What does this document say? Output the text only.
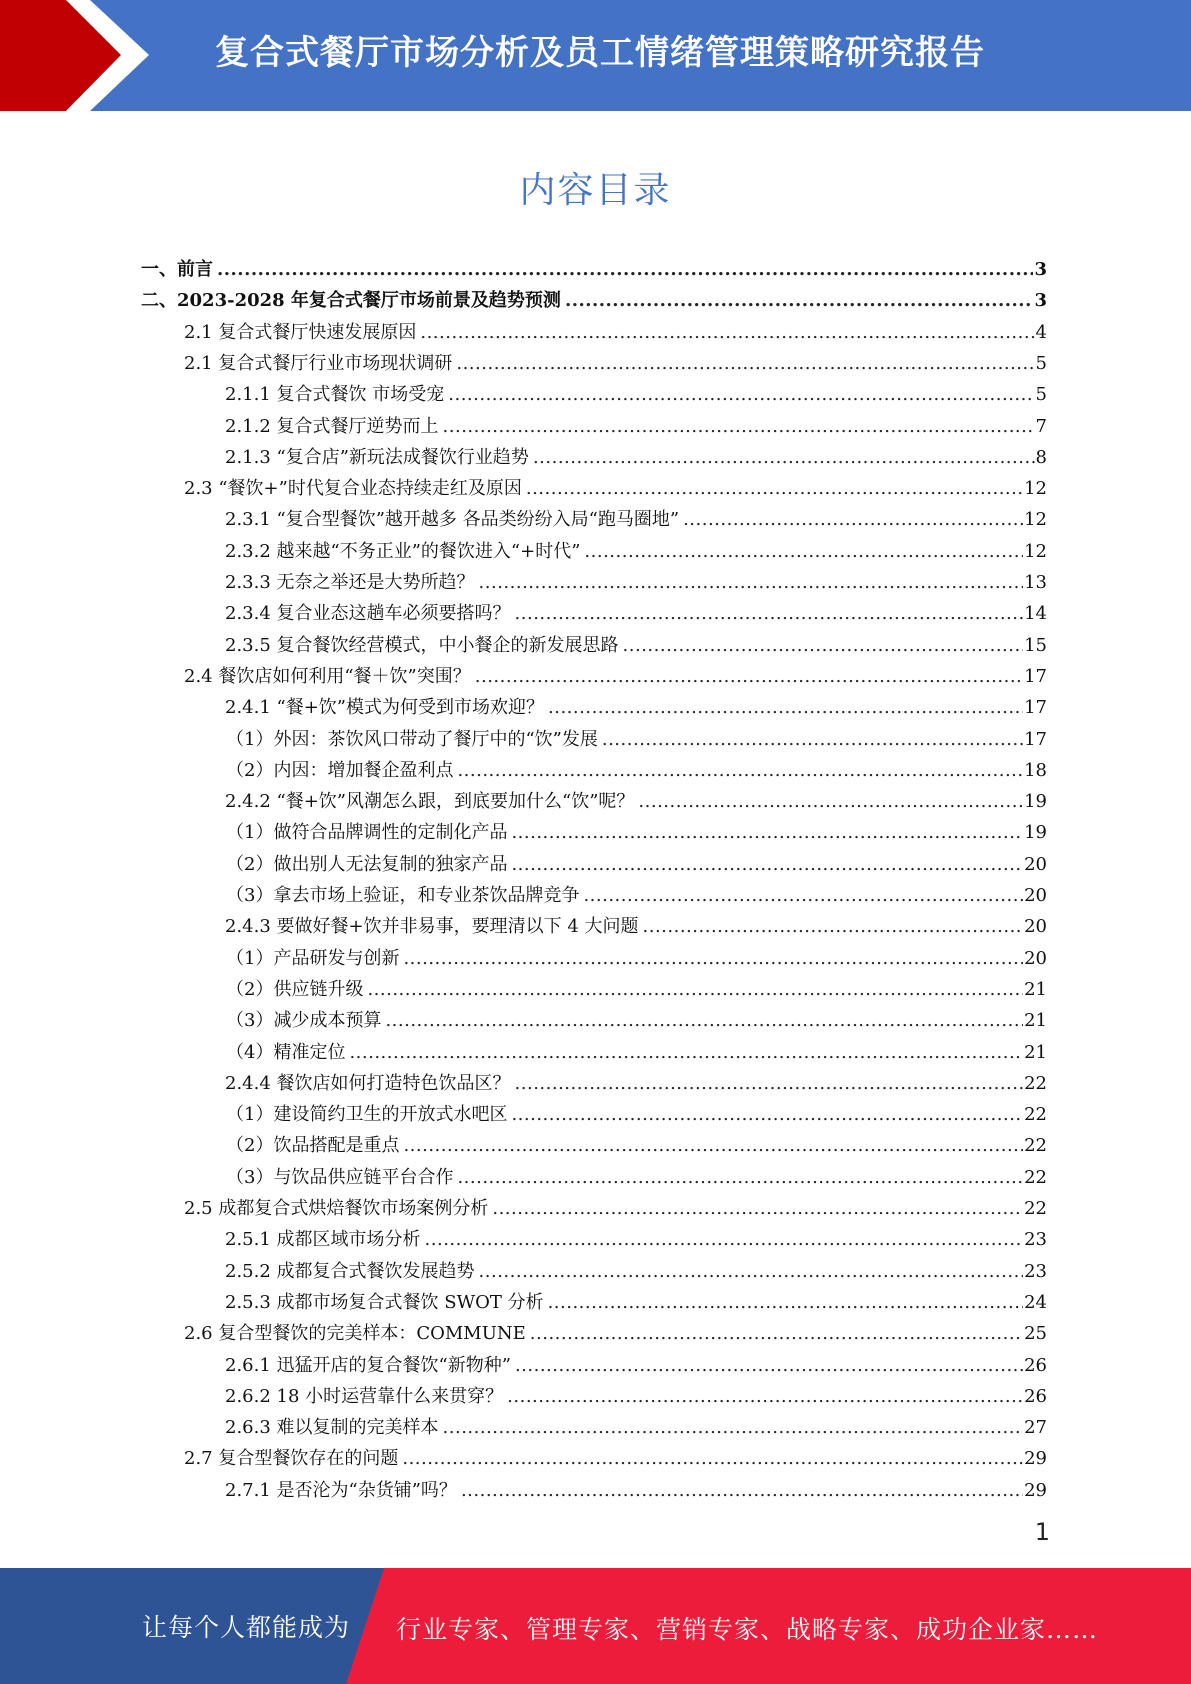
复合式餐厅市场分析及员工情绪管理策略研究报告
内容目录
一、前言 .....	3
二、2023-2028 年复合式餐厅市场前景及趋势预测 .....	3
2.1 复合式餐厅快速发展原因 .....	4
2.1 复合式餐厅行业市场现状调研 .....	5
2.1.1 复合式餐饮 市场受宠 .....	5
2.1.2 复合式餐厅逆势而上 .....	7
2.1.3 “复合店”新玩法成餐饮行业趋势 .....	8
2.3 “餐饮+”时代复合业态持续走红及原因 .....	12
2.3.1 “复合型餐饮”越开越多 各品类纷纷入局“跑马圈地” .....	12
2.3.2 越来越“不务正业”的餐饮进入“+时代” .....	12
2.3.3 无奈之举还是大势所趋？ .....	13
2.3.4 复合业态这趟车必须要搭吗？ .....	14
2.3.5 复合餐饮经营模式，中小餐企的新发展思路 .....	15
2.4 餐饮店如何利用“餐＋饮”突围？ .....	17
2.4.1 “餐+饮”模式为何受到市场欢迎？ .....	17
（1）外因：茶饮风口带动了餐厅中的“饮”发展 .....	17
（2）内因：增加餐企盈利点 .....	18
2.4.2 “餐+饮”风潮怎么跟，到底要加什么“饮”呢？ .....	19
（1）做符合品牌调性的定制化产品 .....	19
（2）做出别人无法复制的独家产品 .....	20
（3）拿去市场上验证，和专业茶饮品牌竞争 .....	20
2.4.3 要做好餐+饮并非易事，要理清以下 4 大问题 .....	20
（1）产品研发与创新 .....	20
（2）供应链升级 .....	21
（3）减少成本预算 .....	21
（4）精准定位 .....	21
2.4.4 餐饮店如何打造特色饮品区？ .....	22
（1）建设简约卫生的开放式水吧区 .....	22
（2）饮品搭配是重点 .....	22
（3）与饮品供应链平台合作 .....	22
2.5 成都复合式烘焙餐饮市场案例分析 .....	22
2.5.1 成都区域市场分析 .....	23
2.5.2 成都复合式餐饮发展趋势 .....	23
2.5.3 成都市场复合式餐饮 SWOT 分析 .....	24
2.6 复合型餐饮的完美样本：COMMUNE .....	25
2.6.1 迅猛开店的复合餐饮“新物种” .....	26
2.6.2 18 小时运营靠什么来贯穿？ .....	26
2.6.3 难以复制的完美样本 .....	27
2.7 复合型餐饮存在的问题 .....	29
2.7.1 是否沦为“杂货铺”吗？ .....	29
1
让每个人都能成为 行业专家、管理专家、营销专家、战略专家、成功企业家……
